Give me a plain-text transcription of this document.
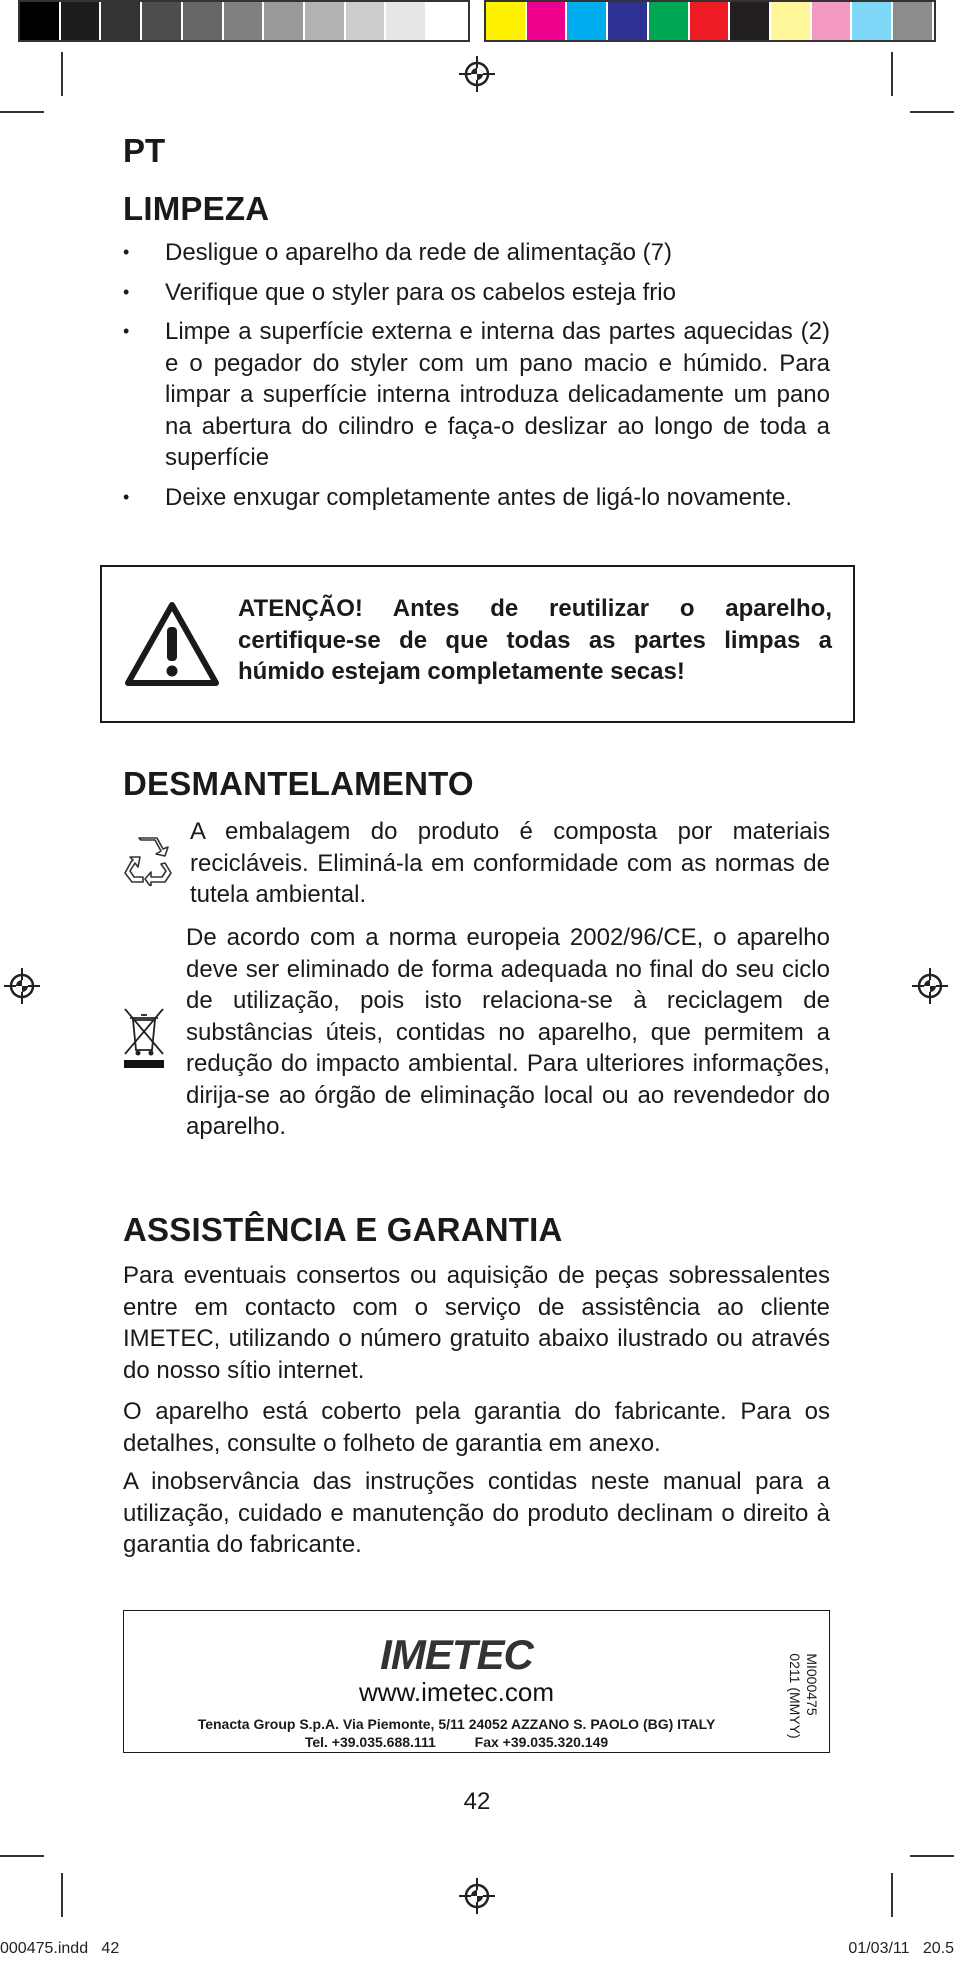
PT
LIMPEZA
• Desligue o aparelho da rede de alimentação (7)
• Verifique que o styler para os cabelos esteja frio
• Limpe a superfície externa e interna das partes aquecidas (2) e o pegador do styler com um pano macio e húmido. Para limpar a superfície interna introduza delicadamente um pano na abertura do cilindro e faça-o deslizar ao longo de toda a superfície
• Deixe enxugar completamente antes de ligá-lo novamente.
ATENÇÃO! Antes de reutilizar o aparelho, certifique-se de que todas as partes limpas a húmido estejam completamente secas!
DESMANTELAMENTO

A embalagem do produto é composta por materiais recicláveis. Eliminá-la em conformidade com as normas de tutela ambiental.

De acordo com a norma europeia 2002/96/CE, o aparelho deve ser eliminado de forma adequada no final do seu ciclo de utilização, pois isto relaciona-se à reciclagem de substâncias úteis, contidas no aparelho, que permitem a redução do impacto ambiental. Para ulteriores informações, dirija-se ao órgão de eliminação local ou ao revendedor do aparelho.

ASSISTÊNCIA E GARANTIA

Para eventuais consertos ou aquisição de peças sobressalentes entre em contacto com o serviço de assistência ao cliente IMETEC, utilizando o número gratuito abaixo ilustrado ou através do nosso sítio internet.

O aparelho está coberto pela garantia do fabricante. Para os detalhes, consulte o folheto de garantia em anexo.

A inobservância das instruções contidas neste manual para a utilização, cuidado e manutenção do produto declinam o direito à garantia do fabricante.

IMETEC
www.imetec.com
Tenacta Group S.p.A. Via Piemonte, 5/11 24052 AZZANO S. PAOLO (BG) ITALY
Tel. +39.035.688.111          Fax +39.035.320.149
MI000475
0211 (MMYY)
42
000475.indd   42	01/03/11   20.5
